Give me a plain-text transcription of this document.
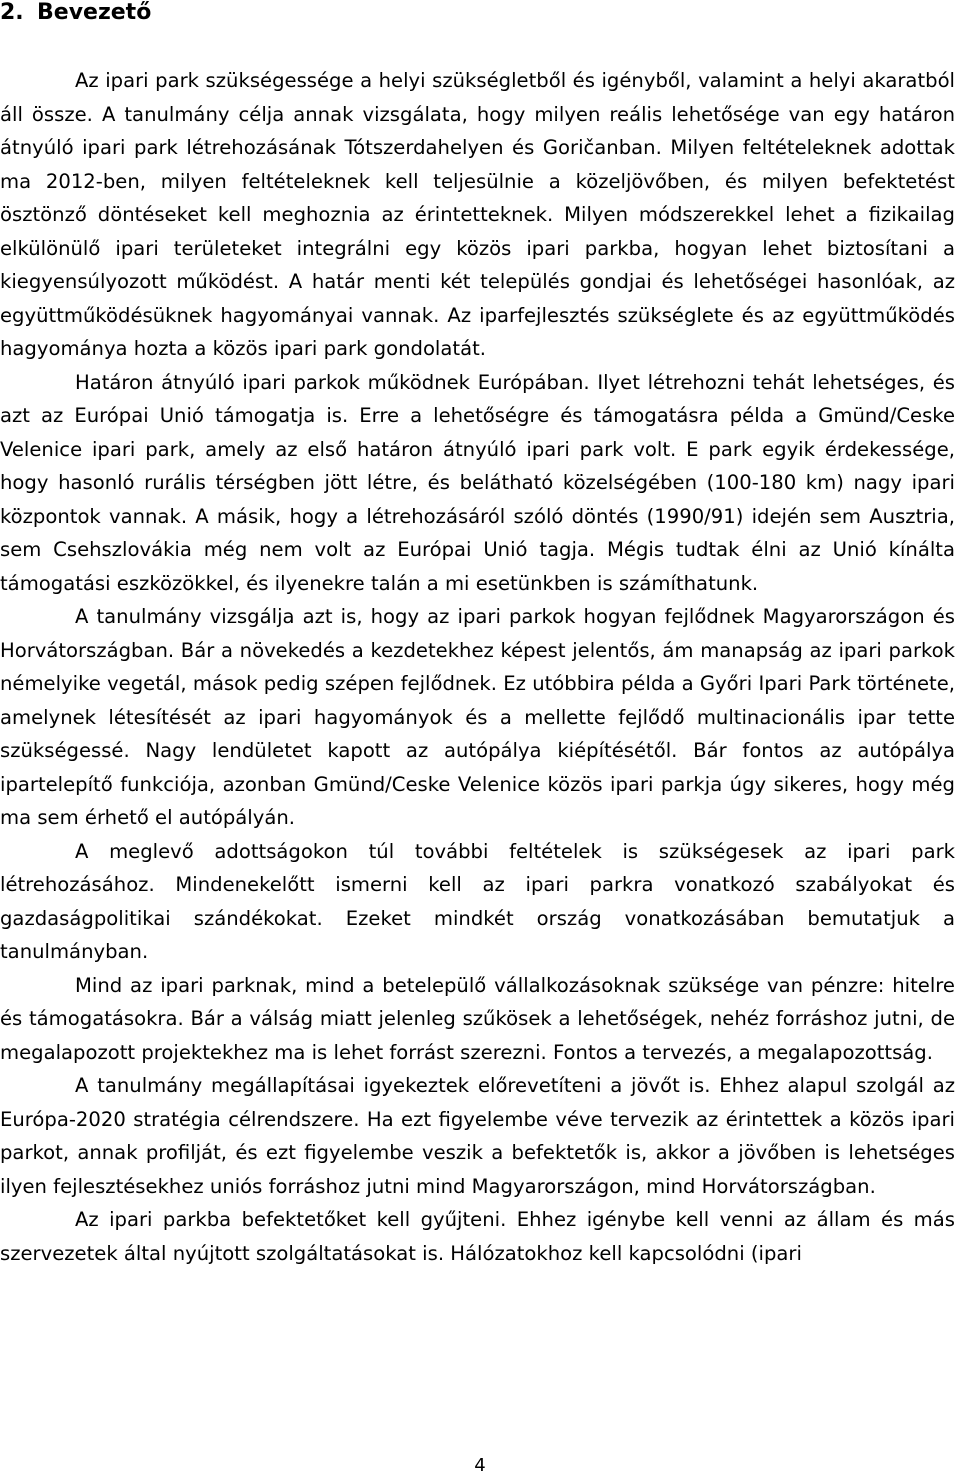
2. Bevezető

Az ipari park szükségessége a helyi szükségletből és igényből, valamint a helyi akaratból áll össze. A tanulmány célja annak vizsgálata, hogy milyen reális lehetősége van egy határon átnyúló ipari park létrehozásának Tótszerdahelyen és Goričanban. Milyen feltételeknek adottak ma 2012-ben, milyen feltételeknek kell teljesülnie a közeljövőben, és milyen befektetést ösztönző döntéseket kell meghoznia az érintetteknek. Milyen módszerekkel lehet a fizikailag elkülönülő ipari területeket integrálni egy közös ipari parkba, hogyan lehet biztosítani a kiegyensúlyozott működést. A határ menti két település gondjai és lehetőségei hasonlóak, az együttműködésüknek hagyományai vannak. Az iparfejlesztés szükséglete és az együttműködés hagyománya hozta a közös ipari park gondolatát.

Határon átnyúló ipari parkok működnek Európában. Ilyet létrehozni tehát lehetséges, és azt az Európai Unió támogatja is. Erre a lehetőségre és támogatásra példa a Gmünd/Ceske Velenice ipari park, amely az első határon átnyúló ipari park volt. E park egyik érdekessége, hogy hasonló rurális térségben jött létre, és belátható közelségében (100-180 km) nagy ipari központok vannak. A másik, hogy a létrehozásáról szóló döntés (1990/91) idején sem Ausztria, sem Csehszlovákia még nem volt az Európai Unió tagja. Mégis tudtak élni az Unió kínálta támogatási eszközökkel, és ilyenekre talán a mi esetünkben is számíthatunk.

A tanulmány vizsgálja azt is, hogy az ipari parkok hogyan fejlődnek Magyarországon és Horvátországban. Bár a növekedés a kezdetekhez képest jelentős, ám manapság az ipari parkok némelyike vegetál, mások pedig szépen fejlődnek. Ez utóbbira példa a Győri Ipari Park története, amelynek létesítését az ipari hagyományok és a mellette fejlődő multinacionális ipar tette szükségessé. Nagy lendületet kapott az autópálya kiépítésétől. Bár fontos az autópálya ipartelepítő funkciója, azonban Gmünd/Ceske Velenice közös ipari parkja úgy sikeres, hogy még ma sem érhető el autópályán.

A meglevő adottságokon túl további feltételek is szükségesek az ipari park létrehozásához. Mindenekelőtt ismerni kell az ipari parkra vonatkozó szabályokat és gazdaságpolitikai szándékokat. Ezeket mindkét ország vonatkozásában bemutatjuk a tanulmányban.

Mind az ipari parknak, mind a betelepülő vállalkozásoknak szüksége van pénzre: hitelre és támogatásokra. Bár a válság miatt jelenleg szűkösek a lehetőségek, nehéz forráshoz jutni, de megalapozott projektekhez ma is lehet forrást szerezni. Fontos a tervezés, a megalapozottság.

A tanulmány megállapításai igyekeztek előrevetíteni a jövőt is. Ehhez alapul szolgál az Európa-2020 stratégia célrendszere. Ha ezt figyelembe véve tervezik az érintettek a közös ipari parkot, annak profilját, és ezt figyelembe veszik a befektetők is, akkor a jövőben is lehetséges ilyen fejlesztésekhez uniós forráshoz jutni mind Magyarországon, mind Horvátországban.

Az ipari parkba befektetőket kell gyűjteni. Ehhez igénybe kell venni az állam és más szervezetek által nyújtott szolgáltatásokat is. Hálózatokhoz kell kapcsolódni (ipari

4
